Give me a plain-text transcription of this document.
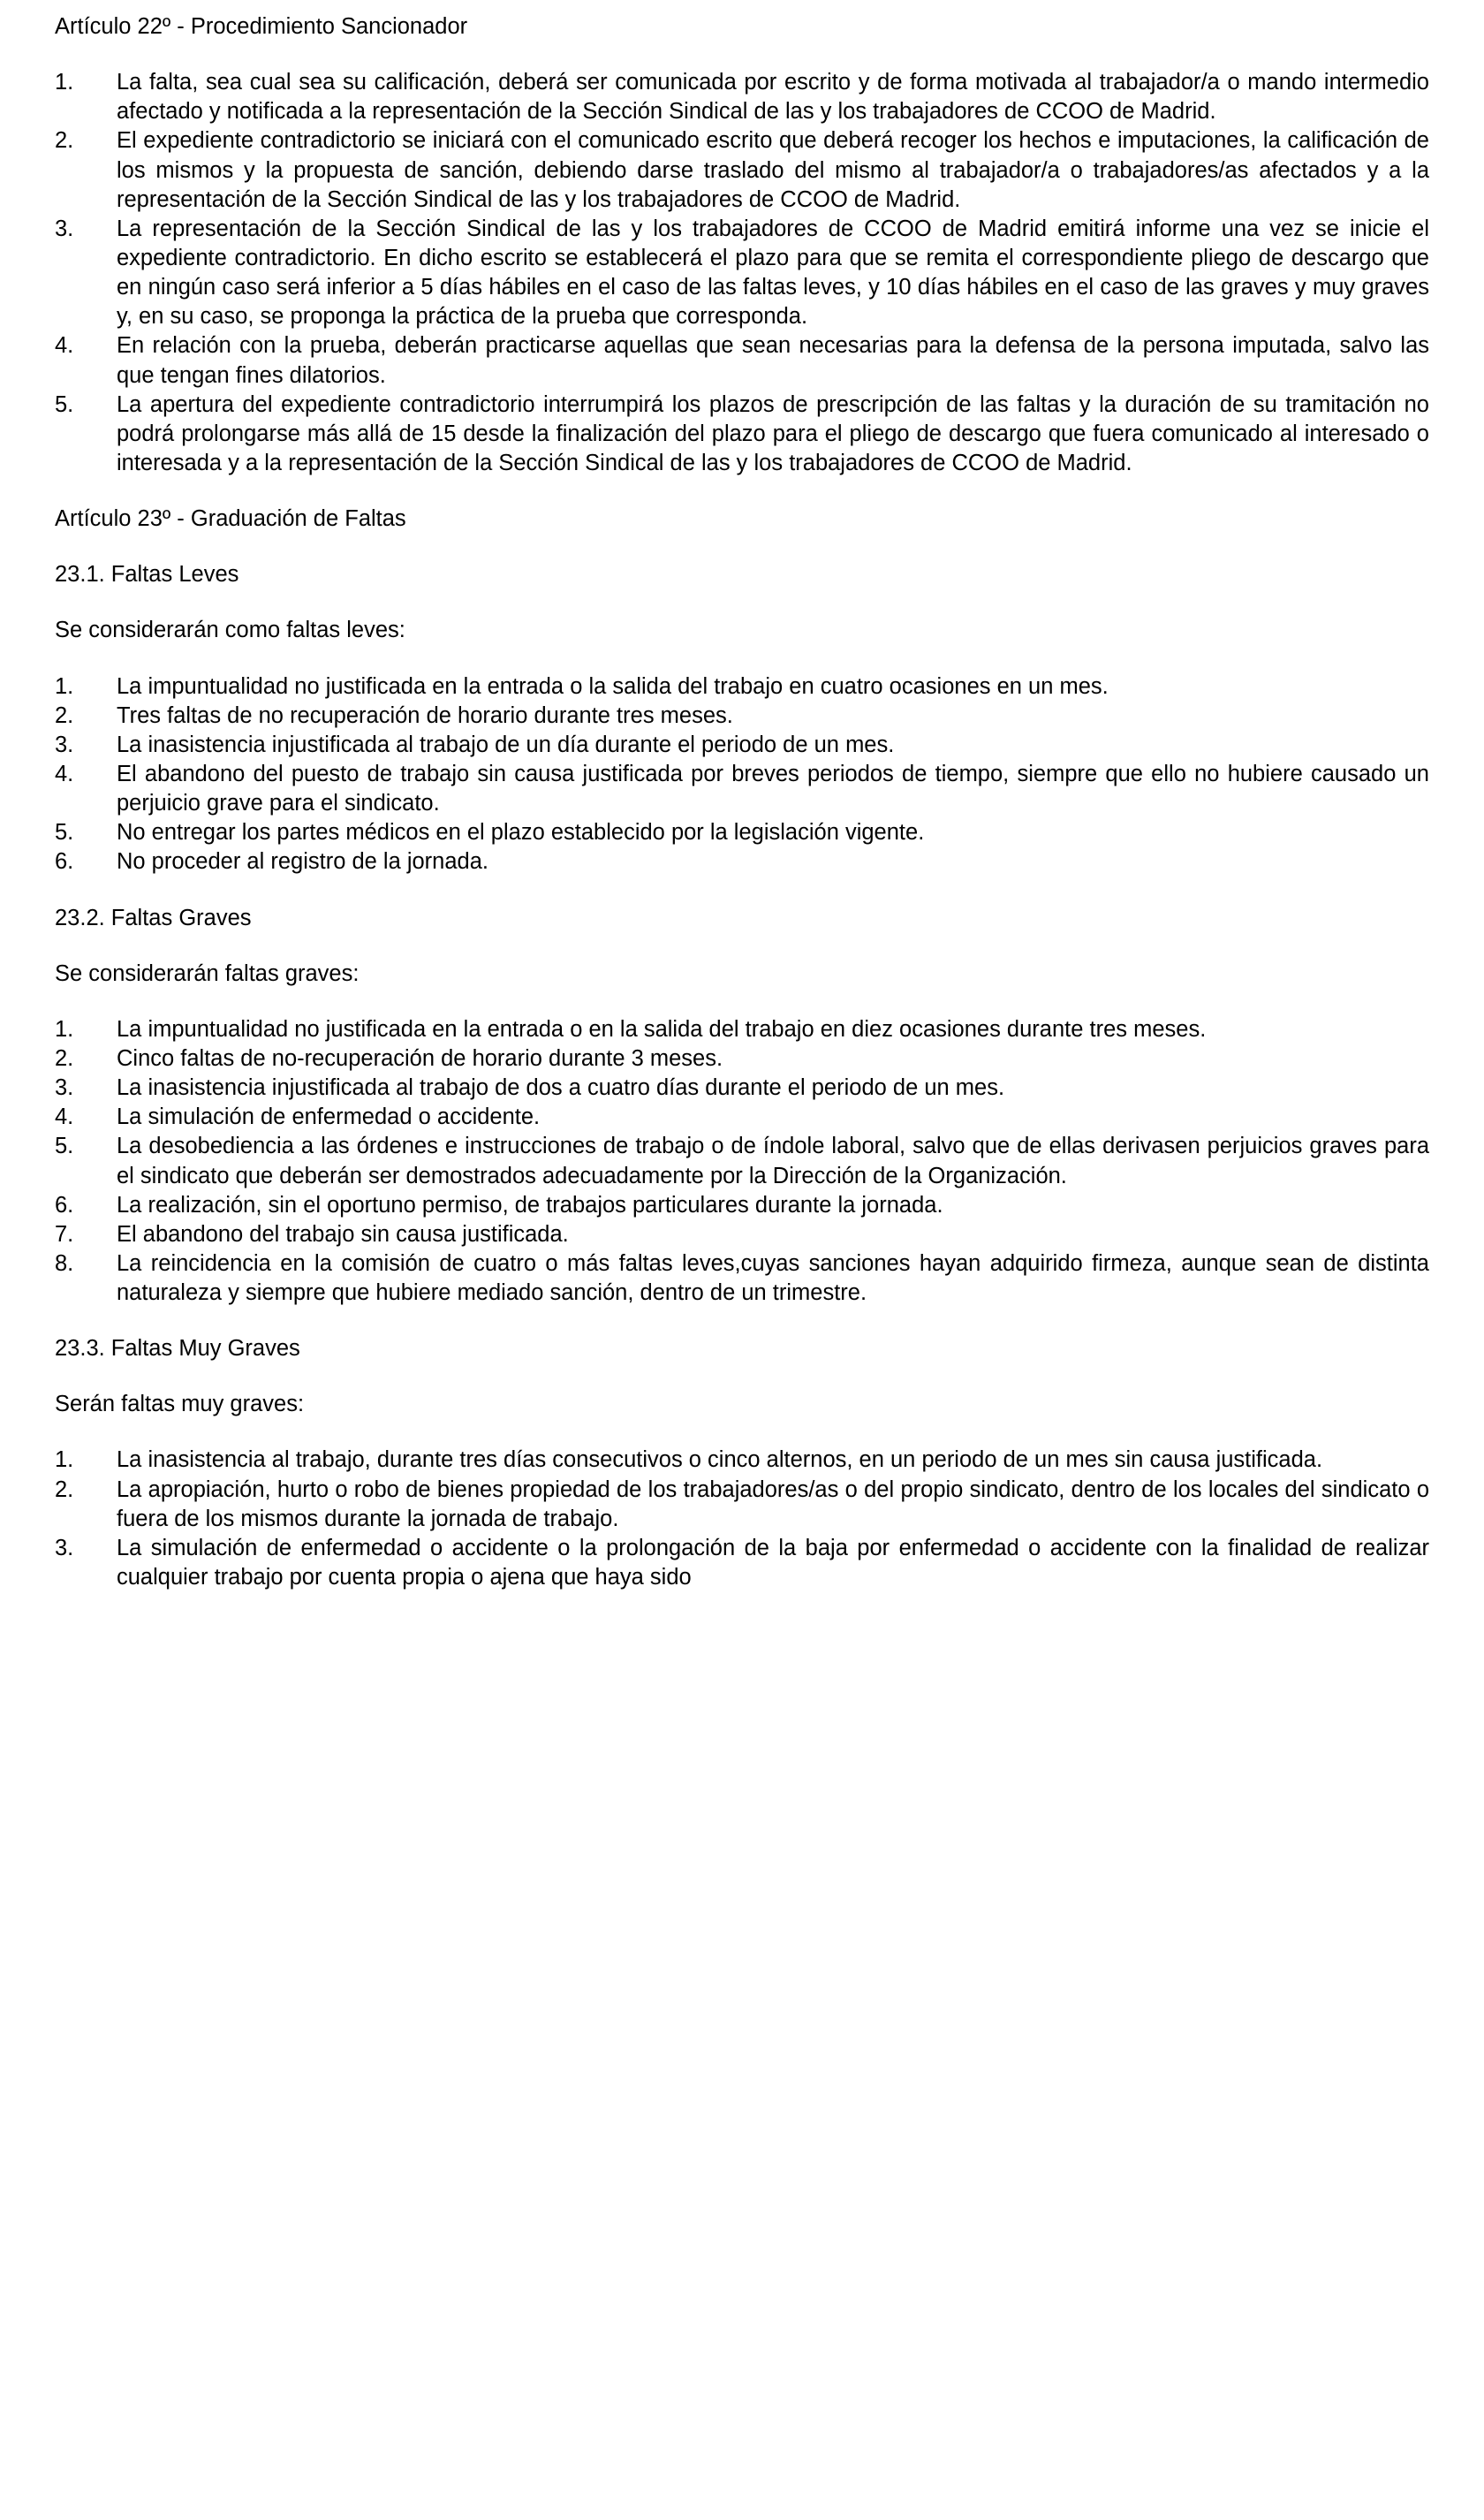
Artículo 22º - Procedimiento Sancionador
1.	La falta, sea cual sea su calificación, deberá ser comunicada por escrito y de forma motivada al trabajador/a o mando intermedio afectado y notificada a la representación de la Sección Sindical de las y los trabajadores de CCOO de Madrid.
2.	El expediente contradictorio se iniciará con el comunicado escrito que deberá recoger los hechos e imputaciones, la calificación de los mismos y la propuesta de sanción, debiendo darse traslado del mismo al trabajador/a o trabajadores/as afectados y a la representación de la Sección Sindical de las y los trabajadores de CCOO de Madrid.
3.	La representación de la Sección Sindical de las y los trabajadores de CCOO de Madrid emitirá informe una vez se inicie el expediente contradictorio. En dicho escrito se establecerá el plazo para que se remita el correspondiente pliego de descargo que en ningún caso será inferior a 5 días hábiles en el caso de las faltas leves, y 10 días hábiles en el caso de las graves y muy graves y, en su caso, se proponga la práctica de la prueba que corresponda.
4.	En relación con la prueba, deberán practicarse aquellas que sean necesarias para la defensa de la persona imputada, salvo las que tengan fines dilatorios.
5.	La apertura del expediente contradictorio interrumpirá los plazos de prescripción de las faltas y la duración de su tramitación no podrá prolongarse más allá de 15 desde la finalización del plazo para el pliego de descargo que fuera comunicado al interesado o interesada y a la representación de la Sección Sindical de las y los trabajadores de CCOO de Madrid.
Artículo 23º - Graduación de Faltas
23.1. Faltas Leves
Se considerarán como faltas leves:
1.	La impuntualidad no justificada en la entrada o la salida del trabajo en cuatro ocasiones en un mes.
2.	Tres faltas de no recuperación de horario durante tres meses.
3.	La inasistencia injustificada al trabajo de un día durante el periodo de un mes.
4.	El abandono del puesto de trabajo sin causa justificada por breves periodos de tiempo, siempre que ello no hubiere causado un perjuicio grave para el sindicato.
5.	No entregar los partes médicos en el plazo establecido por la legislación vigente.
6.	No proceder al registro de la jornada.
23.2. Faltas Graves
Se considerarán faltas graves:
1.	La impuntualidad no justificada en la entrada o en la salida del trabajo en diez ocasiones durante tres meses.
2.	Cinco faltas de no-recuperación de horario durante 3 meses.
3.	La inasistencia injustificada al trabajo de dos a cuatro días durante el periodo de un mes.
4.	La simulación de enfermedad o accidente.
5.	La desobediencia a las órdenes e instrucciones de trabajo o de índole laboral, salvo que de ellas derivasen perjuicios graves para el sindicato que deberán ser demostrados adecuadamente por la Dirección de la Organización.
6.	La realización, sin el oportuno permiso, de trabajos particulares durante la jornada.
7.	El abandono del trabajo sin causa justificada.
8.	La reincidencia en la comisión de cuatro o más faltas leves,cuyas sanciones hayan adquirido firmeza, aunque sean de distinta naturaleza y siempre que hubiere mediado sanción, dentro de un trimestre.
23.3. Faltas Muy Graves
Serán faltas muy graves:
1.	La inasistencia al trabajo, durante tres días consecutivos o cinco alternos, en un periodo de un mes sin causa justificada.
2.	La apropiación, hurto o robo de bienes propiedad de los trabajadores/as o del propio sindicato, dentro de los locales del sindicato o fuera de los mismos durante la jornada de trabajo.
3.	La simulación de enfermedad o accidente o la prolongación de la baja por enfermedad o accidente con la finalidad de realizar cualquier trabajo por cuenta propia o ajena que haya sido
